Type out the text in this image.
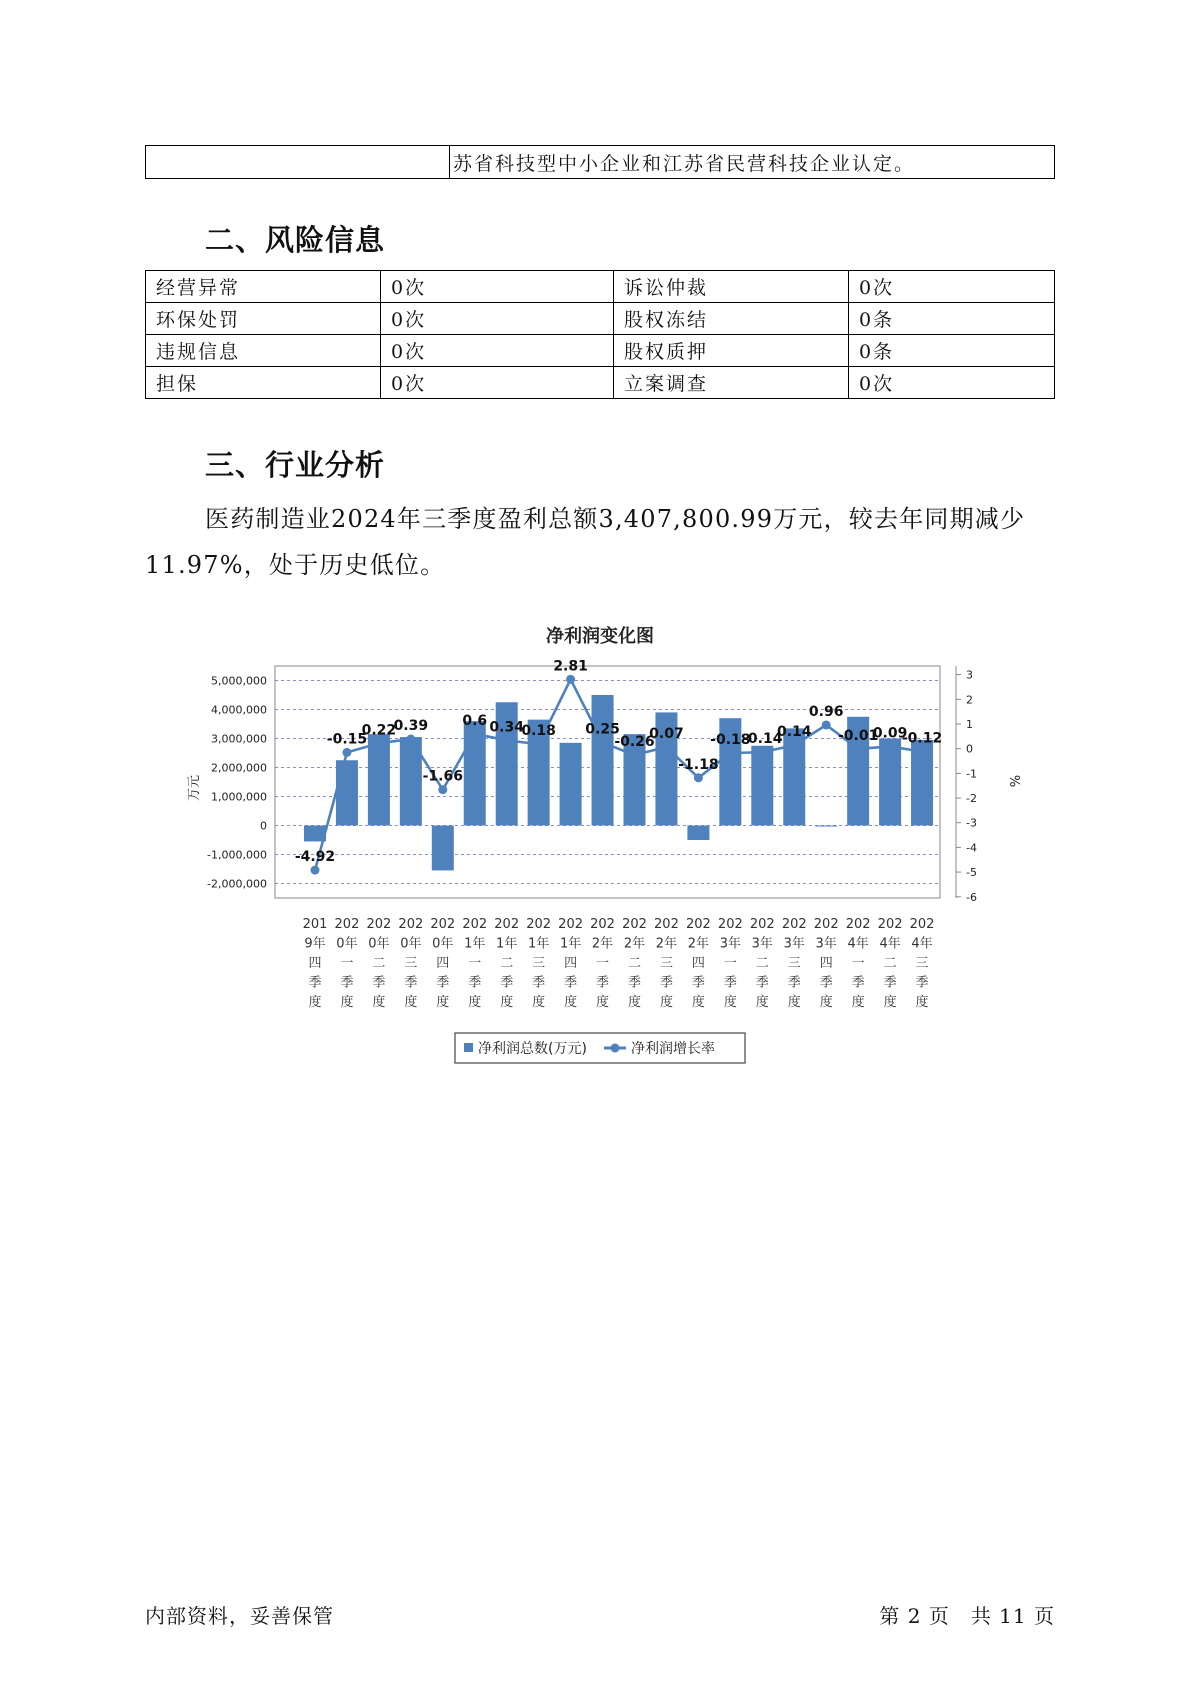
	苏省科技型中小企业和江苏省民营科技企业认定。
二、风险信息
经营异常	0次	诉讼仲裁	0次
环保处罚	0次	股权冻结	0条
违规信息	0次	股权质押	0条
担保	0次	立案调查	0次
三、行业分析
医药制造业2024年三季度盈利总额3,407,800.99万元，较去年同期减少11.97%，处于历史低位。
净利润变化图
5,000,000
4,000,000
3,000,000
2,000,000
1,000,000
0
-1,000,000
-2,000,000
3
2
1
0
-1
-2
-3
-4
-5
-6
-4.92
-0.15
0.22
0.39
-1.66
0.6 0.34
0.18
2.81
0.25
-0.26
0.07
-1.18
-0.18
-0.14
0.14
0.96
-0.01
0.09
-0.12
201
9年
四
季
度
202
0年
一
季
度
202
0年
二
季
度
202
0年
三
季
度
202
0年
四
季
度
202
1年
一
季
度
202
1年
二
季
度
202
1年
三
季
度
202
1年
四
季
度
202
2年
一
季
度
202
2年
二
季
度
202
2年
三
季
度
202
2年
四
季
度
202
3年
一
季
度
202
3年
二
季
度
202
3年
三
季
度
202
3年
四
季
度
202
4年
一
季
度
202
4年
二
季
度
202
4年
三
季
度
万元	%
净利润总数(万元)	净利润增长率
内部资料，妥善保管	第 2 页　共 11 页
